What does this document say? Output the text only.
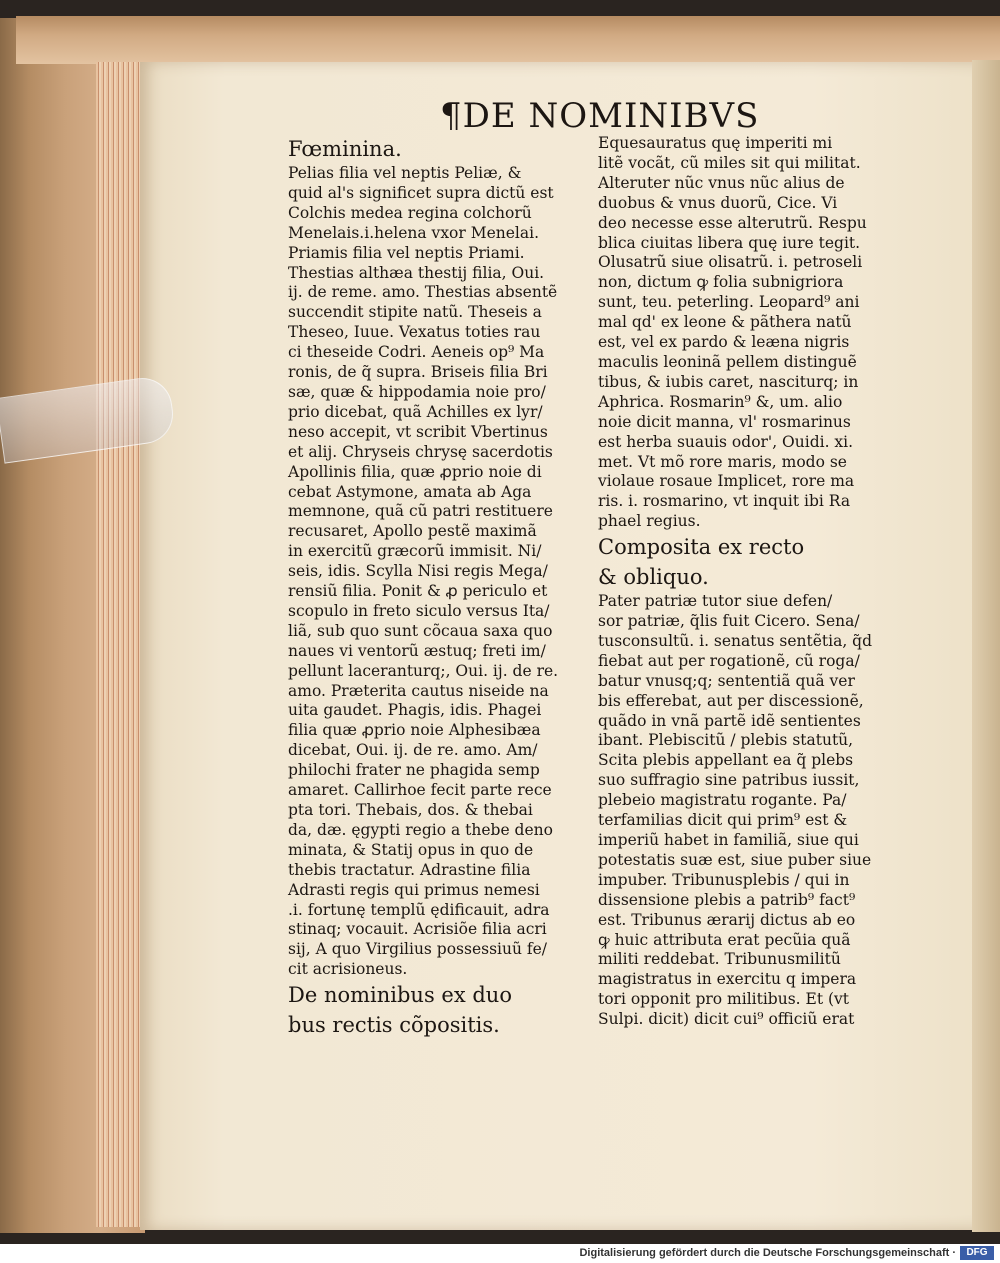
¶DE NOMINIBVS
Fœminina.
Pelias filia vel neptis Peliæ, &
quid al's significet supra dictũ est
Colchis medea regina colchorũ
Menelais.i.helena vxor Menelai.
Priamis filia vel neptis Priami.
Thestias althæa thestij filia, Oui.
ij. de reme. amo. Thestias absentẽ
succendit stipite natũ. Theseis a
Theseo, Iuue. Vexatus toties rau
ci theseide Codri. Aeneis op⁹ Ma
ronis, de q̃ supra. Briseis filia Bri
sæ, quæ & hippodamia noie pro/
prio dicebat, quã Achilles ex lyr/
neso accepit, vt scribit Vbertinus
et alij. Chryseis chrysę sacerdotis
Apollinis filia, quæ ꝓprio noie di
cebat Astymone, amata ab Aga
memnone, quã cũ patri restituere
recusaret, Apollo pestẽ maximã
in exercitũ græcorũ immisit. Ni/
seis, idis. Scylla Nisi regis Mega/
rensiũ filia. Ponit & ꝓ periculo et
scopulo in freto siculo versus Ita/
liã, sub quo sunt cõcaua saxa quo
naues vi ventorũ æstuq; freti im/
pellunt laceranturq;, Oui. ij. de re.
amo. Præterita cautus niseide na
uita gaudet. Phagis, idis. Phagei
filia quæ ꝓprio noie Alphesibæa
dicebat, Oui. ij. de re. amo. Am/
philochi frater ne phagida semp
amaret. Callirhoe fecit parte rece
pta tori. Thebais, dos. & thebai
da, dæ. ęgypti regio a thebe deno
minata, & Statij opus in quo de
thebis tractatur. Adrastine filia
Adrasti regis qui primus nemesi
.i. fortunę templũ ędificauit, adra
stinaq; vocauit. Acrisiõe filia acri
sij, A quo Virgilius possessiuũ fe/
cit acrisioneus.
De nominibus ex duo
bus rectis cõpositis.
Equesauratus quę imperiti mi
litẽ vocãt, cũ miles sit qui militat.
Alteruter nũc vnus nũc alius de
duobus & vnus duorũ, Cice. Vi
deo necesse esse alterutrũ. Respu
blica ciuitas libera quę iure tegit.
Olusatrũ siue olisatrũ. i. petroseli
non, dictum ꝙ folia subnigriora
sunt, teu. peterling. Leopard⁹ ani
mal qd' ex leone & pãthera natũ
est, vel ex pardo & leæna nigris
maculis leoninã pellem distinguẽ
tibus, & iubis caret, nasciturq; in
Aphrica. Rosmarin⁹ &, um. alio
noie dicit manna, vl' rosmarinus
est herba suauis odor', Ouidi. xi.
met. Vt mõ rore maris, modo se
violaue rosaue Implicet, rore ma
ris. i. rosmarino, vt inquit ibi Ra
phael regius.
Composita ex recto
& obliquo.
Pater patriæ tutor siue defen/
sor patriæ, q̃lis fuit Cicero. Sena/
tusconsultũ. i. senatus sentẽtia, q̃d
fiebat aut per rogationẽ, cũ roga/
batur vnusq;q; sententiã quã ver
bis efferebat, aut per discessionẽ,
quãdo in vnã partẽ idẽ sentientes
ibant. Plebiscitũ / plebis statutũ,
Scita plebis appellant ea q̃ plebs
suo suffragio sine patribus iussit,
plebeio magistratu rogante. Pa/
terfamilias dicit qui prim⁹ est &
imperiũ habet in familiã, siue qui
potestatis suæ est, siue puber siue
impuber. Tribunusplebis / qui in
dissensione plebis a patrib⁹ fact⁹
est. Tribunus ærarij dictus ab eo
ꝙ huic attributa erat pecũia quã
militi reddebat. Tribunusmilitũ
magistratus in exercitu q impera
tori opponit pro militibus. Et (vt
Sulpi. dicit) dicit cui⁹ officiũ erat
Digitalisierung gefördert durch die Deutsche Forschungsgemeinschaft ·	DFG
